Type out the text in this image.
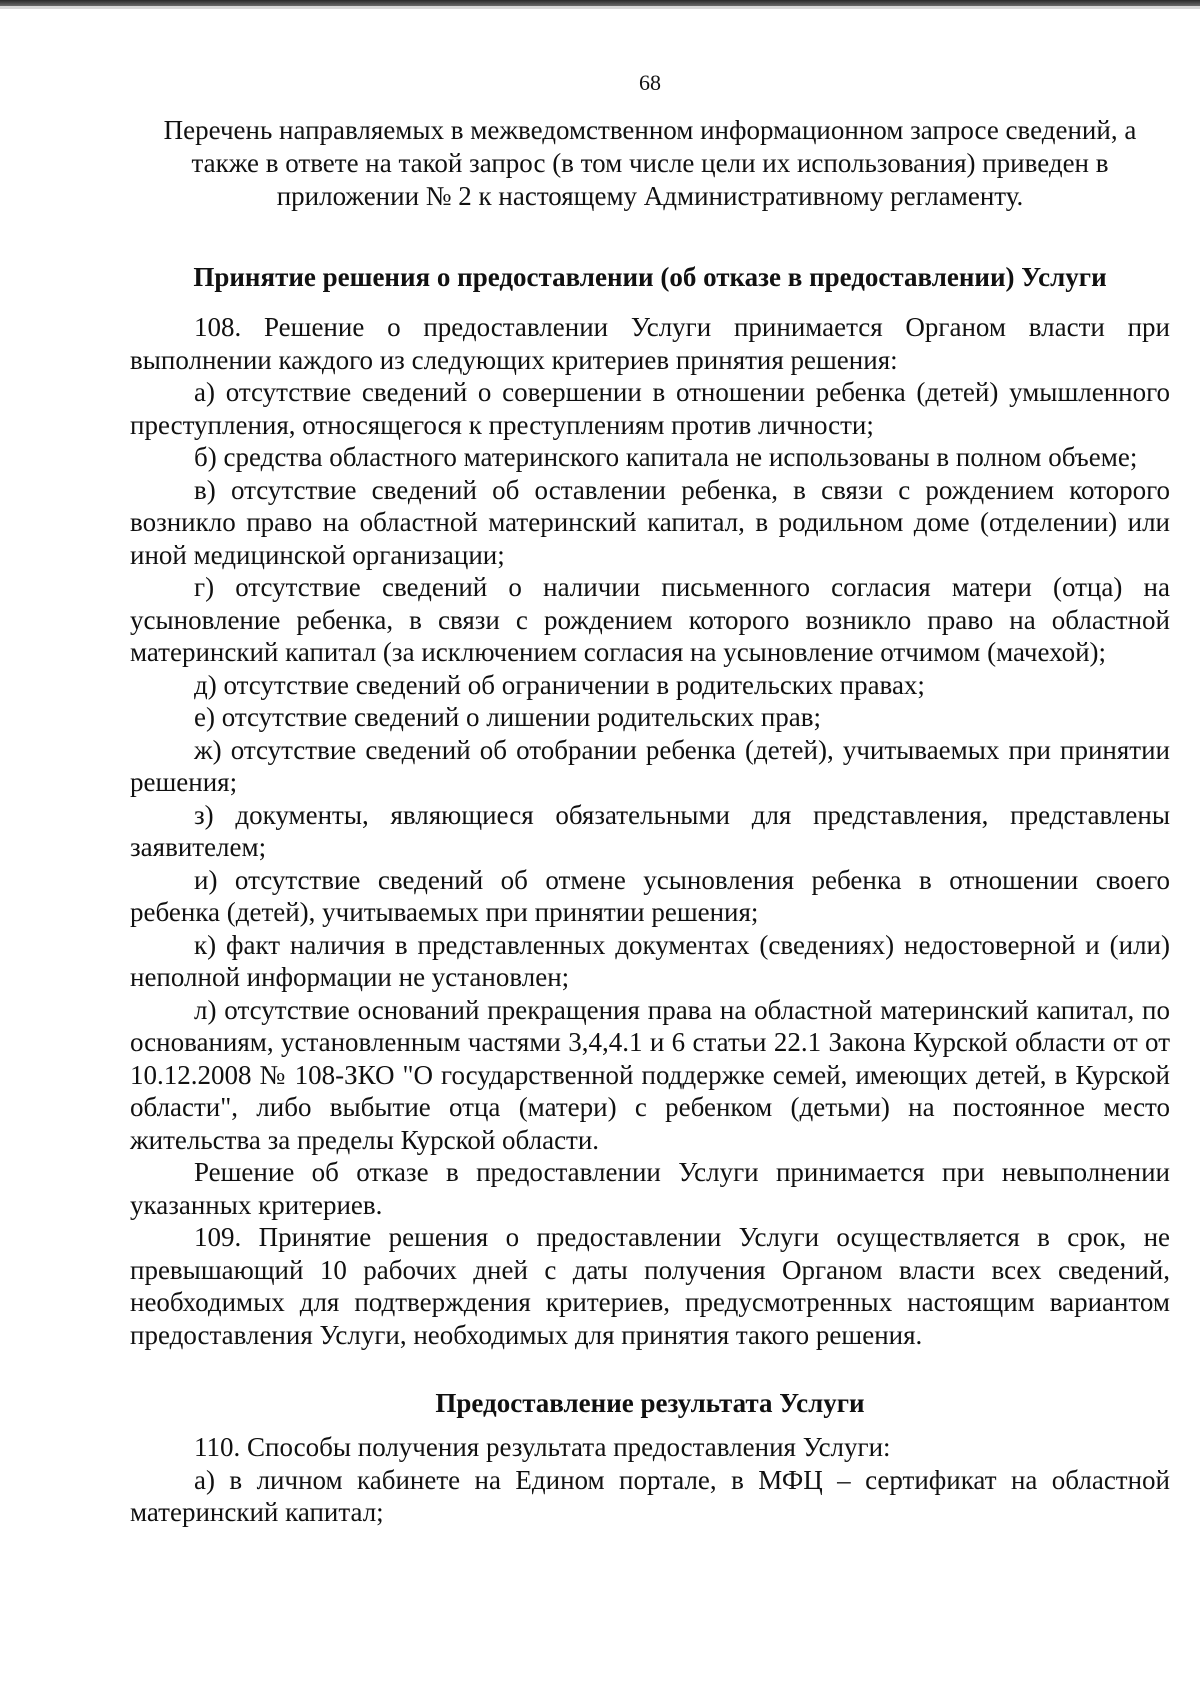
68

Перечень направляемых в межведомственном информационном запросе сведений, а также в ответе на такой запрос (в том числе цели их использования) приведен в приложении № 2 к настоящему Административному регламенту.

Принятие решения о предоставлении (об отказе в предоставлении) Услуги

108. Решение о предоставлении Услуги принимается Органом власти при выполнении каждого из следующих критериев принятия решения:

а) отсутствие сведений о совершении в отношении ребенка (детей) умышленного преступления, относящегося к преступлениям против личности;

б) средства областного материнского капитала не использованы в полном объеме;

в) отсутствие сведений об оставлении ребенка, в связи с рождением которого возникло право на областной материнский капитал, в родильном доме (отделении) или иной медицинской организации;

г) отсутствие сведений о наличии письменного согласия матери (отца) на усыновление ребенка, в связи с рождением которого возникло право на областной материнский капитал (за исключением согласия на усыновление отчимом (мачехой);

д) отсутствие сведений об ограничении в родительских правах;

е) отсутствие сведений о лишении родительских прав;

ж) отсутствие сведений об отобрании ребенка (детей), учитываемых при принятии решения;

з) документы, являющиеся обязательными для представления, представлены заявителем;

и) отсутствие сведений об отмене усыновления ребенка в отношении своего ребенка (детей), учитываемых при принятии решения;

к) факт наличия в представленных документах (сведениях) недостоверной и (или) неполной информации не установлен;

л) отсутствие оснований прекращения права на областной материнский капитал, по основаниям, установленным частями 3,4,4.1 и 6 статьи 22.1 Закона Курской области от от 10.12.2008 № 108-ЗКО "О государственной поддержке семей, имеющих детей, в Курской области", либо выбытие отца (матери) с ребенком (детьми) на постоянное место жительства за пределы Курской области.

Решение об отказе в предоставлении Услуги принимается при невыполнении указанных критериев.

109. Принятие решения о предоставлении Услуги осуществляется в срок, не превышающий 10 рабочих дней с даты получения Органом власти всех сведений, необходимых для подтверждения критериев, предусмотренных настоящим вариантом предоставления Услуги, необходимых для принятия такого решения.

Предоставление результата Услуги

110. Способы получения результата предоставления Услуги:

а) в личном кабинете на Едином портале, в МФЦ – сертификат на областной материнский капитал;
